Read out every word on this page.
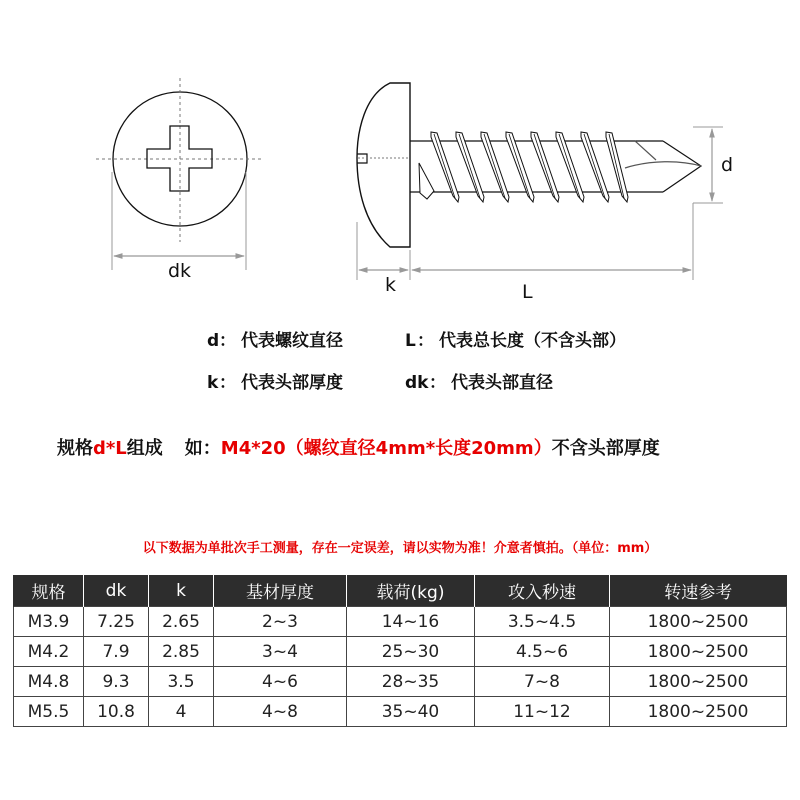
dk
k	L
d
d ： 代表螺纹直径	L ： 代表总长度（不含头部）
k ： 代表头部厚度	dk ： 代表头部直径
规格d*L组成 如：M4*20（螺纹直径4mm*长度20mm）不含头部厚度
以下数据为单批次手工测量，存在一定误差，请以实物为准！介意者慎拍。（单位：mm）
规格	dk	k	基材厚度	载荷(kg)	攻入秒速	转速参考
M3.9	7.25	2.65	2~3	14~16	3.5~4.5	1800~2500
M4.2	7.9	2.85	3~4	25~30	4.5~6	1800~2500
M4.8	9.3	3.5	4~6	28~35	7~8	1800~2500
M5.5	10.8	4	4~8	35~40	11~12	1800~2500
